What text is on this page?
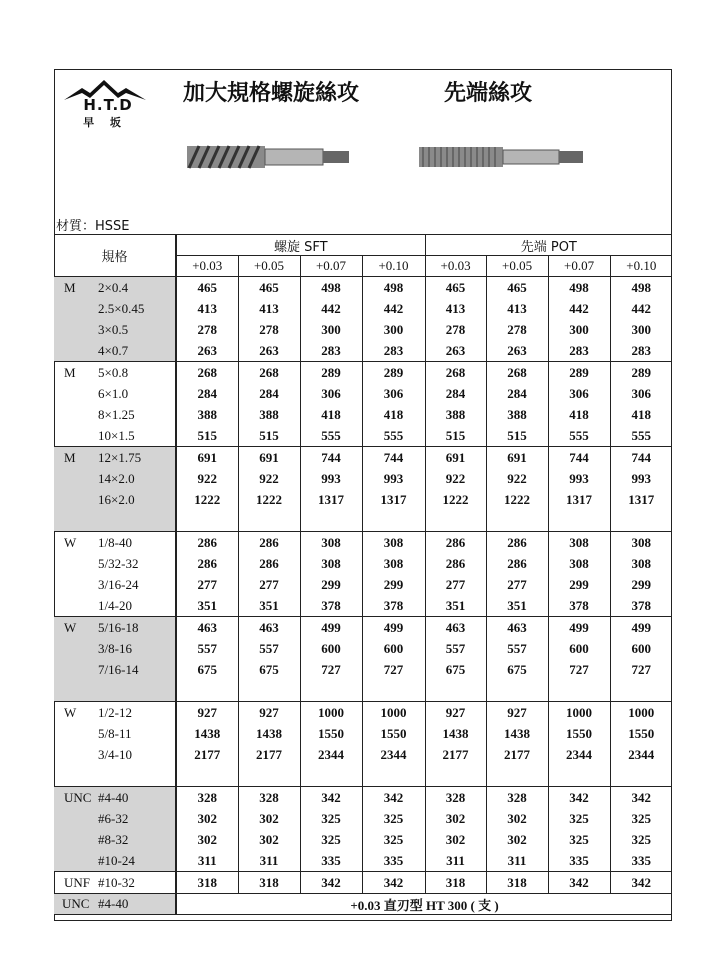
H.T.D
早 坂
加大規格螺旋絲攻	先端絲攻
材質：HSSE
規格		螺旋 SFT				先端 POT			
		+0.03	+0.05	+0.07	+0.10	+0.03	+0.05	+0.07	+0.10
M	2×0.4	465	465	498	498	465	465	498	498
	2.5×0.45	413	413	442	442	413	413	442	442
	3×0.5	278	278	300	300	278	278	300	300
	4×0.7	263	263	283	283	263	263	283	283
M	5×0.8	268	268	289	289	268	268	289	289
	6×1.0	284	284	306	306	284	284	306	306
	8×1.25	388	388	418	418	388	388	418	418
	10×1.5	515	515	555	555	515	515	555	555
M	12×1.75	691	691	744	744	691	691	744	744
	14×2.0	922	922	993	993	922	922	993	993
	16×2.0	1222	1222	1317	1317	1222	1222	1317	1317

W	1/8-40	286	286	308	308	286	286	308	308
	5/32-32	286	286	308	308	286	286	308	308
	3/16-24	277	277	299	299	277	277	299	299
	1/4-20	351	351	378	378	351	351	378	378
W	5/16-18	463	463	499	499	463	463	499	499
	3/8-16	557	557	600	600	557	557	600	600
	7/16-14	675	675	727	727	675	675	727	727

W	1/2-12	927	927	1000	1000	927	927	1000	1000
	5/8-11	1438	1438	1550	1550	1438	1438	1550	1550
	3/4-10	2177	2177	2344	2344	2177	2177	2344	2344

UNC	#4-40	328	328	342	342	328	328	342	342
	#6-32	302	302	325	325	302	302	325	325
	#8-32	302	302	325	325	302	302	325	325
	#10-24	311	311	335	335	311	311	335	335
UNF	#10-32	318	318	342	342	318	318	342	342
UNC	#4-40	+0.03 直刃型 HT 300 ( 支 )							
